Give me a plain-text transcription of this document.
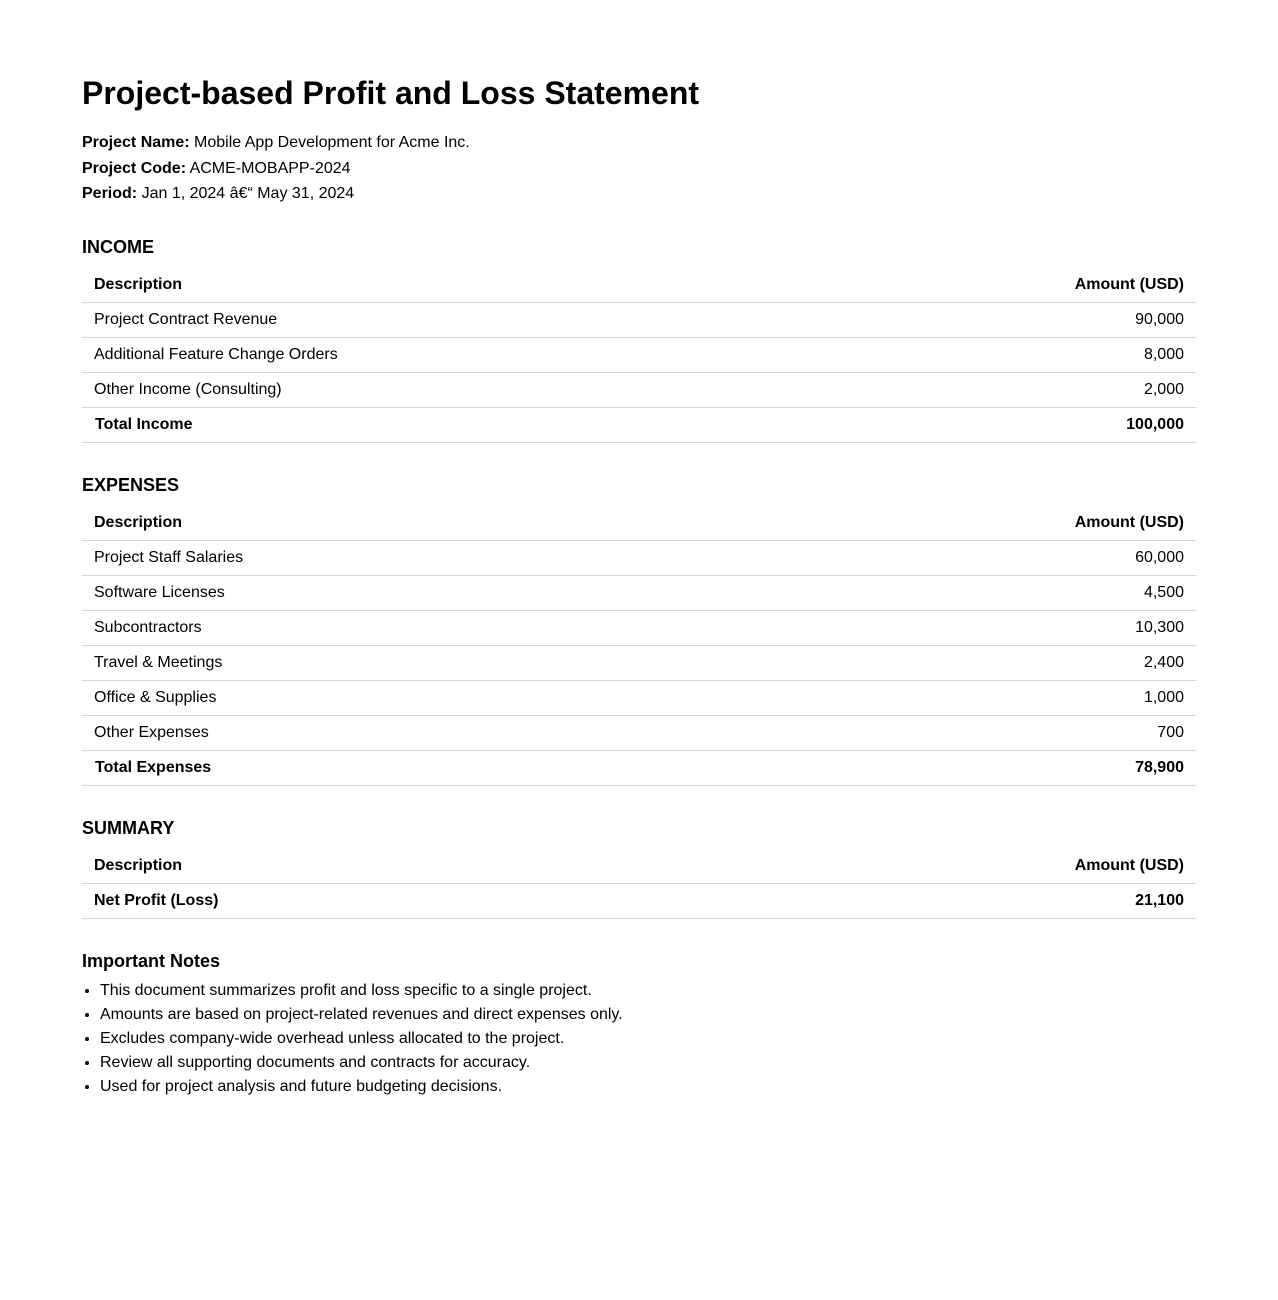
Project-based Profit and Loss Statement
Project Name: Mobile App Development for Acme Inc.
Project Code: ACME-MOBAPP-2024
Period: Jan 1, 2024 â€“ May 31, 2024
INCOME
Description	Amount (USD)
Project Contract Revenue	90,000
Additional Feature Change Orders	8,000
Other Income (Consulting)	2,000
Total Income	100,000
EXPENSES
Description	Amount (USD)
Project Staff Salaries	60,000
Software Licenses	4,500
Subcontractors	10,300
Travel & Meetings	2,400
Office & Supplies	1,000
Other Expenses	700
Total Expenses	78,900
SUMMARY
Description	Amount (USD)
Net Profit (Loss)	21,100
Important Notes
• This document summarizes profit and loss specific to a single project.
• Amounts are based on project-related revenues and direct expenses only.
• Excludes company-wide overhead unless allocated to the project.
• Review all supporting documents and contracts for accuracy.
• Used for project analysis and future budgeting decisions.
